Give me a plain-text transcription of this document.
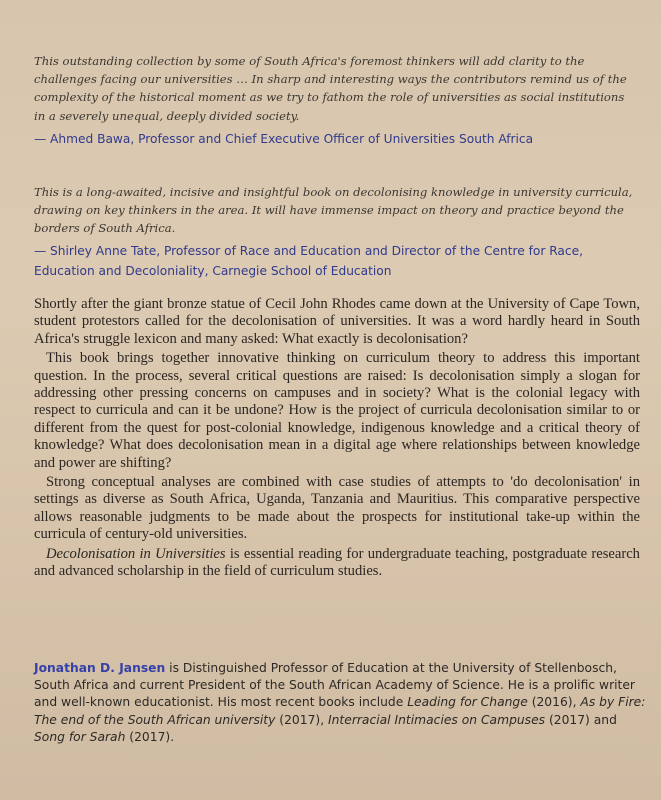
This outstanding collection by some of South Africa's foremost thinkers will add clarity to the challenges facing our universities … In sharp and interesting ways the contributors remind us of the complexity of the historical moment as we try to fathom the role of universities as social institutions in a severely unequal, deeply divided society.

— Ahmed Bawa, Professor and Chief Executive Officer of Universities South Africa

This is a long-awaited, incisive and insightful book on decolonising knowledge in university curricula, drawing on key thinkers in the area. It will have immense impact on theory and practice beyond the borders of South Africa.

— Shirley Anne Tate, Professor of Race and Education and Director of the Centre for Race, Education and Decoloniality, Carnegie School of Education

Shortly after the giant bronze statue of Cecil John Rhodes came down at the University of Cape Town, student protestors called for the decolonisation of universities. It was a word hardly heard in South Africa's struggle lexicon and many asked: What exactly is decolonisation?

This book brings together innovative thinking on curriculum theory to address this important question. In the process, several critical questions are raised: Is decolonisation simply a slogan for addressing other pressing concerns on campuses and in society? What is the colonial legacy with respect to curricula and can it be undone? How is the project of curricula decolonisation similar to or different from the quest for post-colonial knowledge, indigenous knowledge and a critical theory of knowledge? What does decolonisation mean in a digital age where relationships between knowledge and power are shifting?

Strong conceptual analyses are combined with case studies of attempts to 'do decolonisation' in settings as diverse as South Africa, Uganda, Tanzania and Mauritius. This comparative perspective allows reasonable judgments to be made about the prospects for institutional take-up within the curricula of century-old universities.

Decolonisation in Universities is essential reading for undergraduate teaching, postgraduate research and advanced scholarship in the field of curriculum studies.

Jonathan D. Jansen is Distinguished Professor of Education at the University of Stellenbosch, South Africa and current President of the South African Academy of Science. He is a prolific writer and well-known educationist. His most recent books include Leading for Change (2016), As by Fire: The end of the South African university (2017), Interracial Intimacies on Campuses (2017) and Song for Sarah (2017).
